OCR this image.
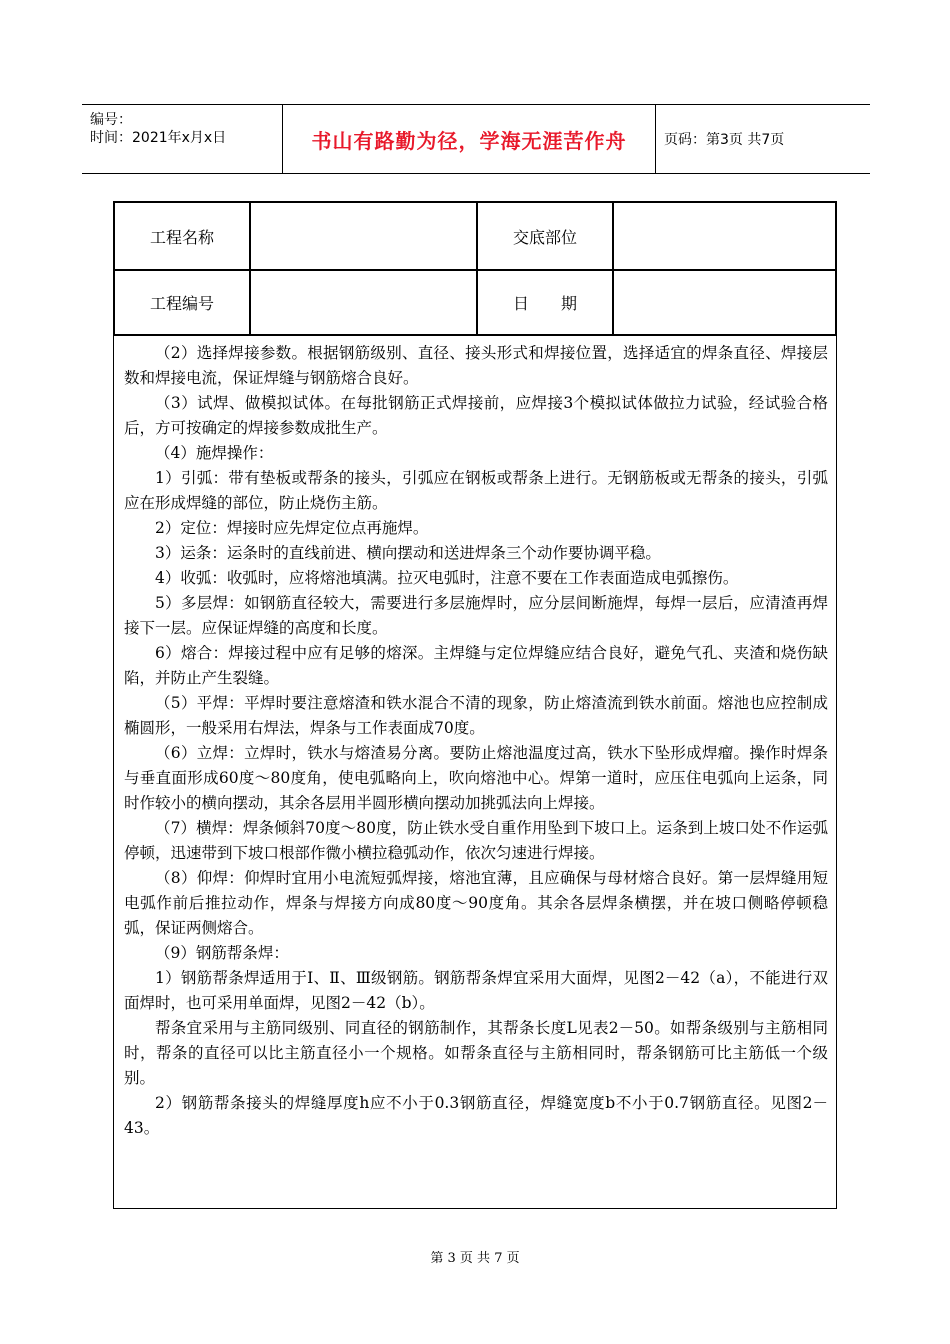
编号：
时间：2021年x月x日	书山有路勤为径，学海无涯苦作舟	页码：第3页 共7页
工程名称	交底部位
工程编号	日　　期

（2）选择焊接参数。根据钢筋级别、直径、接头形式和焊接位置，选择适宜的焊条直径、焊接层数和焊接电流，保证焊缝与钢筋熔合良好。

（3）试焊、做模拟试体。在每批钢筋正式焊接前，应焊接3个模拟试体做拉力试验，经试验合格后，方可按确定的焊接参数成批生产。

（4）施焊操作：

1）引弧：带有垫板或帮条的接头，引弧应在钢板或帮条上进行。无钢筋板或无帮条的接头，引弧应在形成焊缝的部位，防止烧伤主筋。

2）定位：焊接时应先焊定位点再施焊。

3）运条：运条时的直线前进、横向摆动和送进焊条三个动作要协调平稳。

4）收弧：收弧时，应将熔池填满。拉灭电弧时，注意不要在工作表面造成电弧擦伤。

5）多层焊：如钢筋直径较大，需要进行多层施焊时，应分层间断施焊，每焊一层后，应清渣再焊接下一层。应保证焊缝的高度和长度。

6）熔合：焊接过程中应有足够的熔深。主焊缝与定位焊缝应结合良好，避免气孔、夹渣和烧伤缺陷，并防止产生裂缝。

（5）平焊：平焊时要注意熔渣和铁水混合不清的现象，防止熔渣流到铁水前面。熔池也应控制成椭圆形，一般采用右焊法，焊条与工作表面成70度。

（6）立焊：立焊时，铁水与熔渣易分离。要防止熔池温度过高，铁水下坠形成焊瘤。操作时焊条与垂直面形成60度～80度角，使电弧略向上，吹向熔池中心。焊第一道时，应压住电弧向上运条，同时作较小的横向摆动，其余各层用半圆形横向摆动加挑弧法向上焊接。

（7）横焊：焊条倾斜70度～80度，防止铁水受自重作用坠到下坡口上。运条到上坡口处不作运弧停顿，迅速带到下坡口根部作微小横拉稳弧动作，依次匀速进行焊接。

（8）仰焊：仰焊时宜用小电流短弧焊接，熔池宜薄，且应确保与母材熔合良好。第一层焊缝用短电弧作前后推拉动作，焊条与焊接方向成80度～90度角。其余各层焊条横摆，并在坡口侧略停顿稳弧，保证两侧熔合。

（9）钢筋帮条焊：

1）钢筋帮条焊适用于Ⅰ、Ⅱ、Ⅲ级钢筋。钢筋帮条焊宜采用大面焊，见图2－42（a），不能进行双面焊时，也可采用单面焊，见图2－42（b）。

帮条宜采用与主筋同级别、同直径的钢筋制作，其帮条长度L见表2－50。如帮条级别与主筋相同时，帮条的直径可以比主筋直径小一个规格。如帮条直径与主筋相同时，帮条钢筋可比主筋低一个级别。

2）钢筋帮条接头的焊缝厚度h应不小于0.3钢筋直径，焊缝宽度b不小于0.7钢筋直径。见图2－43。

第 3 页 共 7 页
